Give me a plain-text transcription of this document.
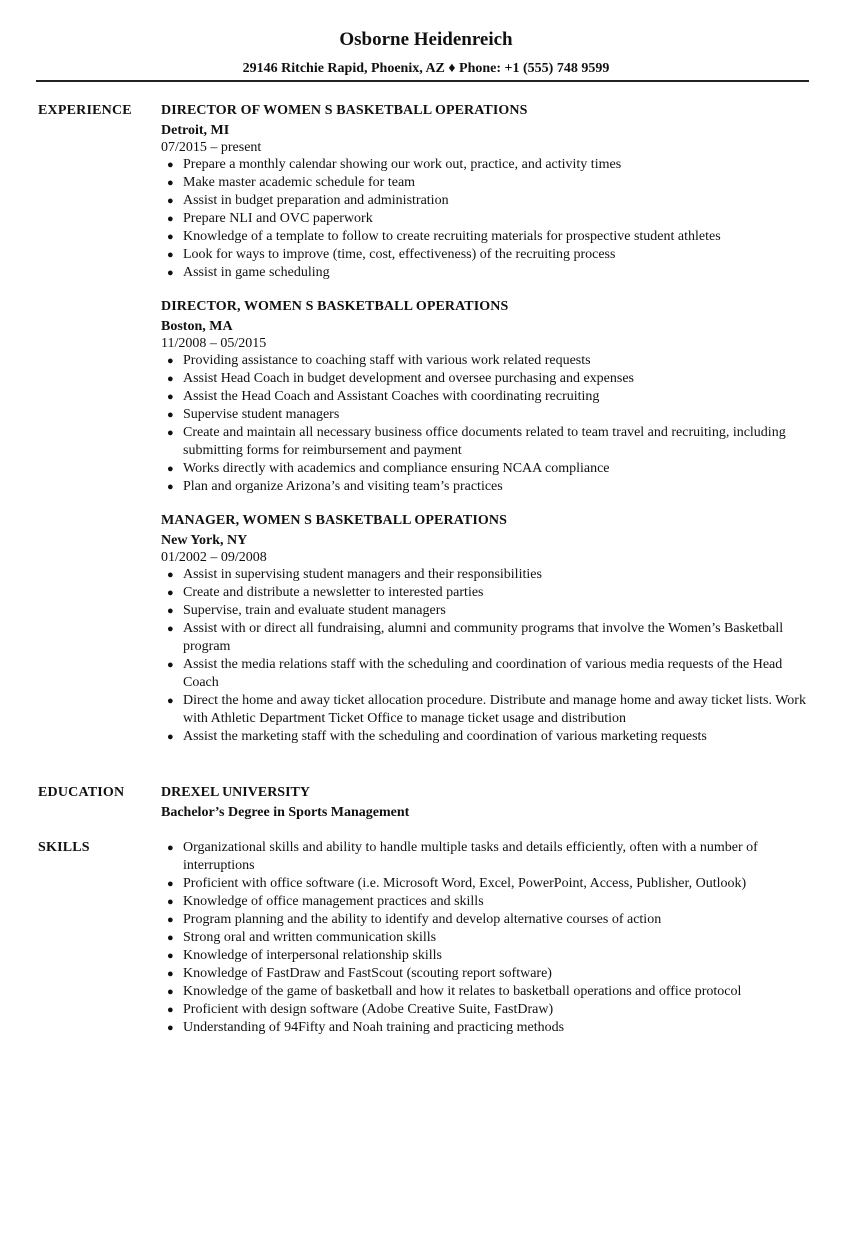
Osborne Heidenreich
29146 Ritchie Rapid, Phoenix, AZ ♦ Phone: +1 (555) 748 9599
EXPERIENCE DIRECTOR OF WOMEN S BASKETBALL OPERATIONS
Detroit, MI
07/2015 – present
● Prepare a monthly calendar showing our work out, practice, and activity times
● Make master academic schedule for team
● Assist in budget preparation and administration
● Prepare NLI and OVC paperwork
● Knowledge of a template to follow to create recruiting materials for prospective student athletes
● Look for ways to improve (time, cost, effectiveness) of the recruiting process
● Assist in game scheduling
DIRECTOR, WOMEN S BASKETBALL OPERATIONS
Boston, MA
11/2008 – 05/2015
● Providing assistance to coaching staff with various work related requests
● Assist Head Coach in budget development and oversee purchasing and expenses
● Assist the Head Coach and Assistant Coaches with coordinating recruiting
● Supervise student managers
● Create and maintain all necessary business office documents related to team travel and recruiting, including submitting forms for reimbursement and payment
● Works directly with academics and compliance ensuring NCAA compliance
● Plan and organize Arizona’s and visiting team’s practices
MANAGER, WOMEN S BASKETBALL OPERATIONS
New York, NY
01/2002 – 09/2008
● Assist in supervising student managers and their responsibilities
● Create and distribute a newsletter to interested parties
● Supervise, train and evaluate student managers
● Assist with or direct all fundraising, alumni and community programs that involve the Women’s Basketball program
● Assist the media relations staff with the scheduling and coordination of various media requests of the Head Coach
● Direct the home and away ticket allocation procedure. Distribute and manage home and away ticket lists. Work with Athletic Department Ticket Office to manage ticket usage and distribution
● Assist the marketing staff with the scheduling and coordination of various marketing requests
EDUCATION	DREXEL UNIVERSITY
Bachelor’s Degree in Sports Management
SKILLS	● Organizational skills and ability to handle multiple tasks and details efficiently, often with a number of interruptions
● Proficient with office software (i.e. Microsoft Word, Excel, PowerPoint, Access, Publisher, Outlook)
● Knowledge of office management practices and skills
● Program planning and the ability to identify and develop alternative courses of action
● Strong oral and written communication skills
● Knowledge of interpersonal relationship skills
● Knowledge of FastDraw and FastScout (scouting report software)
● Knowledge of the game of basketball and how it relates to basketball operations and office protocol
● Proficient with design software (Adobe Creative Suite, FastDraw)
● Understanding of 94Fifty and Noah training and practicing methods
